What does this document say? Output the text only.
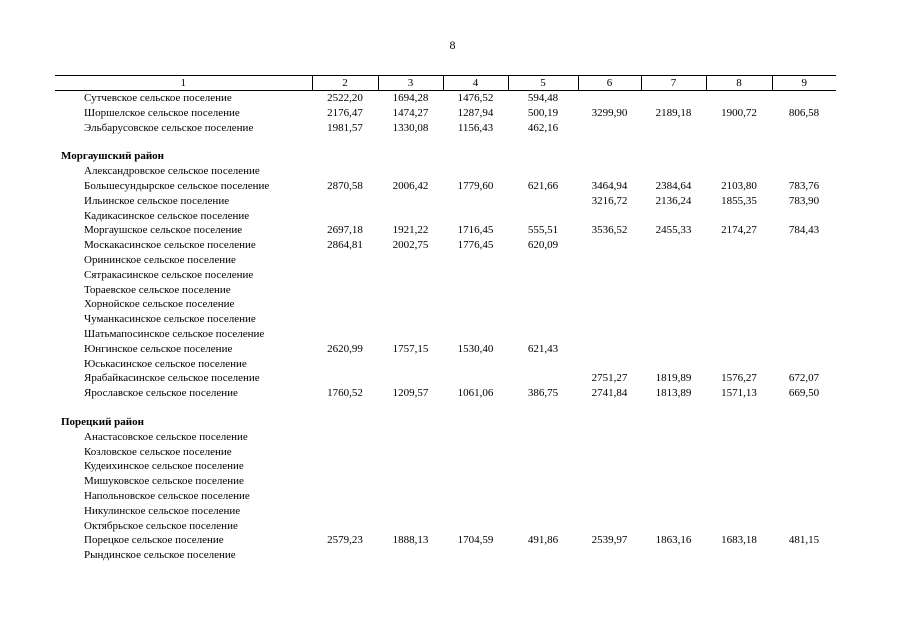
8
1	2	3	4	5	6	7	8	9
Сутчевское сельское поселение	2522,20	1694,28	1476,52	594,48				
Шоршелское сельское поселение	2176,47	1474,27	1287,94	500,19	3299,90	2189,18	1900,72	806,58
Эльбарусовское сельское поселение	1981,57	1330,08	1156,43	462,16				

Моргаушский район								
Александровское сельское поселение								
Большесундырское сельское поселение	2870,58	2006,42	1779,60	621,66	3464,94	2384,64	2103,80	783,76
Ильинское сельское поселение					3216,72	2136,24	1855,35	783,90
Кадикасинское сельское поселение								
Моргаушское сельское поселение	2697,18	1921,22	1716,45	555,51	3536,52	2455,33	2174,27	784,43
Москакасинское сельское поселение	2864,81	2002,75	1776,45	620,09				
Орининское сельское поселение								
Сятракасинское сельское поселение								
Тораевское сельское поселение								
Хорнойское сельское поселение								
Чуманкасинское сельское поселение								
Шатьмапосинское сельское поселение								
Юнгинское сельское поселение	2620,99	1757,15	1530,40	621,43				
Юськасинское сельское поселение								
Ярабайкасинское сельское поселение					2751,27	1819,89	1576,27	672,07
Ярославское сельское поселение	1760,52	1209,57	1061,06	386,75	2741,84	1813,89	1571,13	669,50

Порецкий район								
Анастасовское сельское поселение								
Козловское сельское поселение								
Кудеихинское сельское поселение								
Мишуковское сельское поселение								
Напольновское сельское поселение								
Никулинское сельское поселение								
Октябрьское сельское поселение								
Порецкое сельское поселение	2579,23	1888,13	1704,59	491,86	2539,97	1863,16	1683,18	481,15
Рындинское сельское поселение								
